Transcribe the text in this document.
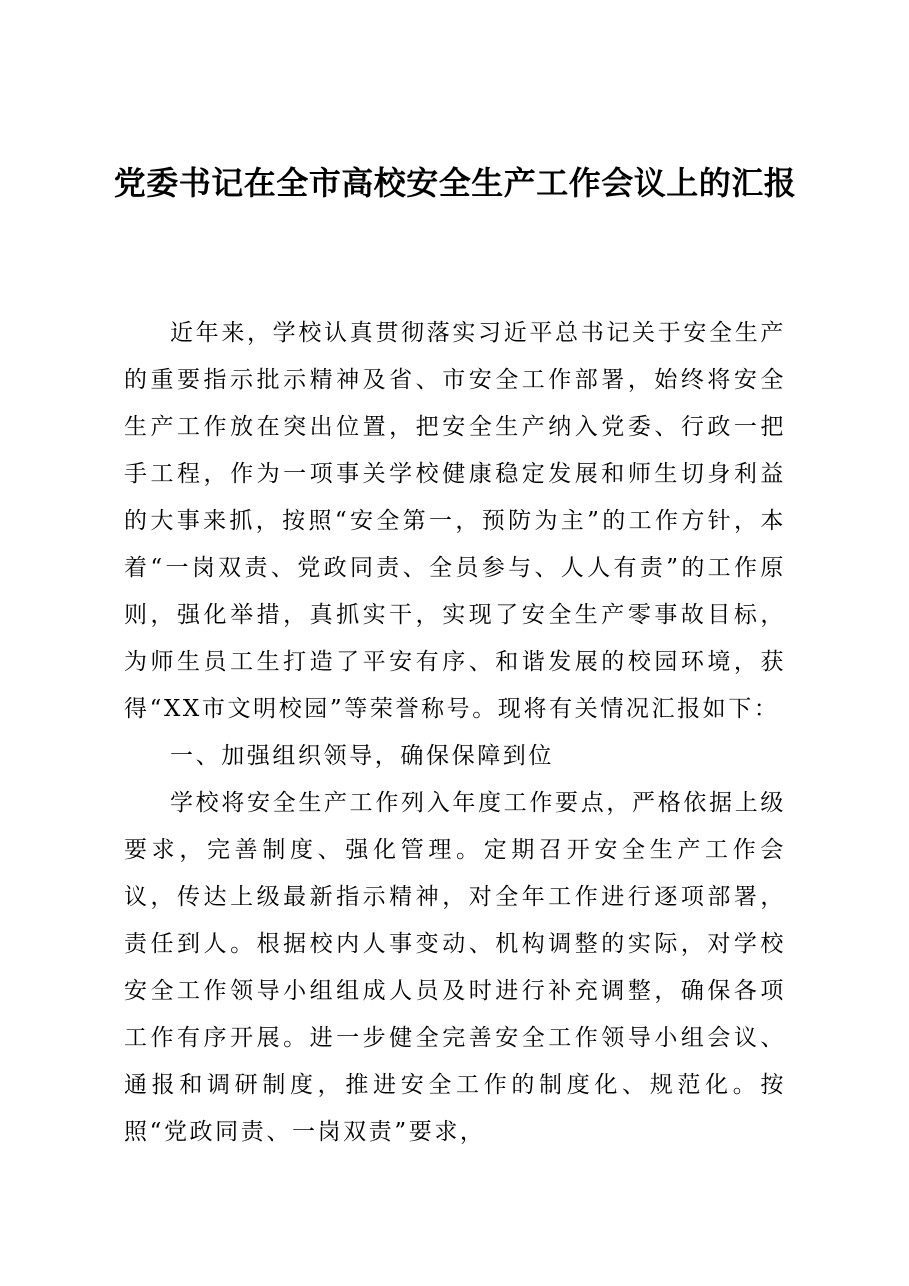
党委书记在全市高校安全生产工作会议上的汇报

近年来，学校认真贯彻落实习近平总书记关于安全生产的重要指示批示精神及省、市安全工作部署，始终将安全生产工作放在突出位置，把安全生产纳入党委、行政一把手工程，作为一项事关学校健康稳定发展和师生切身利益的大事来抓，按照“安全第一，预防为主”的工作方针，本着“一岗双责、党政同责、全员参与、人人有责”的工作原则，强化举措，真抓实干，实现了安全生产零事故目标，为师生员工生打造了平安有序、和谐发展的校园环境，获得“XX市文明校园”等荣誉称号。现将有关情况汇报如下：

一、加强组织领导，确保保障到位

学校将安全生产工作列入年度工作要点，严格依据上级要求，完善制度、强化管理。定期召开安全生产工作会议，传达上级最新指示精神，对全年工作进行逐项部署，责任到人。根据校内人事变动、机构调整的实际，对学校安全工作领导小组组成人员及时进行补充调整，确保各项工作有序开展。进一步健全完善安全工作领导小组会议、通报和调研制度，推进安全工作的制度化、规范化。按照“党政同责、一岗双责”要求，
